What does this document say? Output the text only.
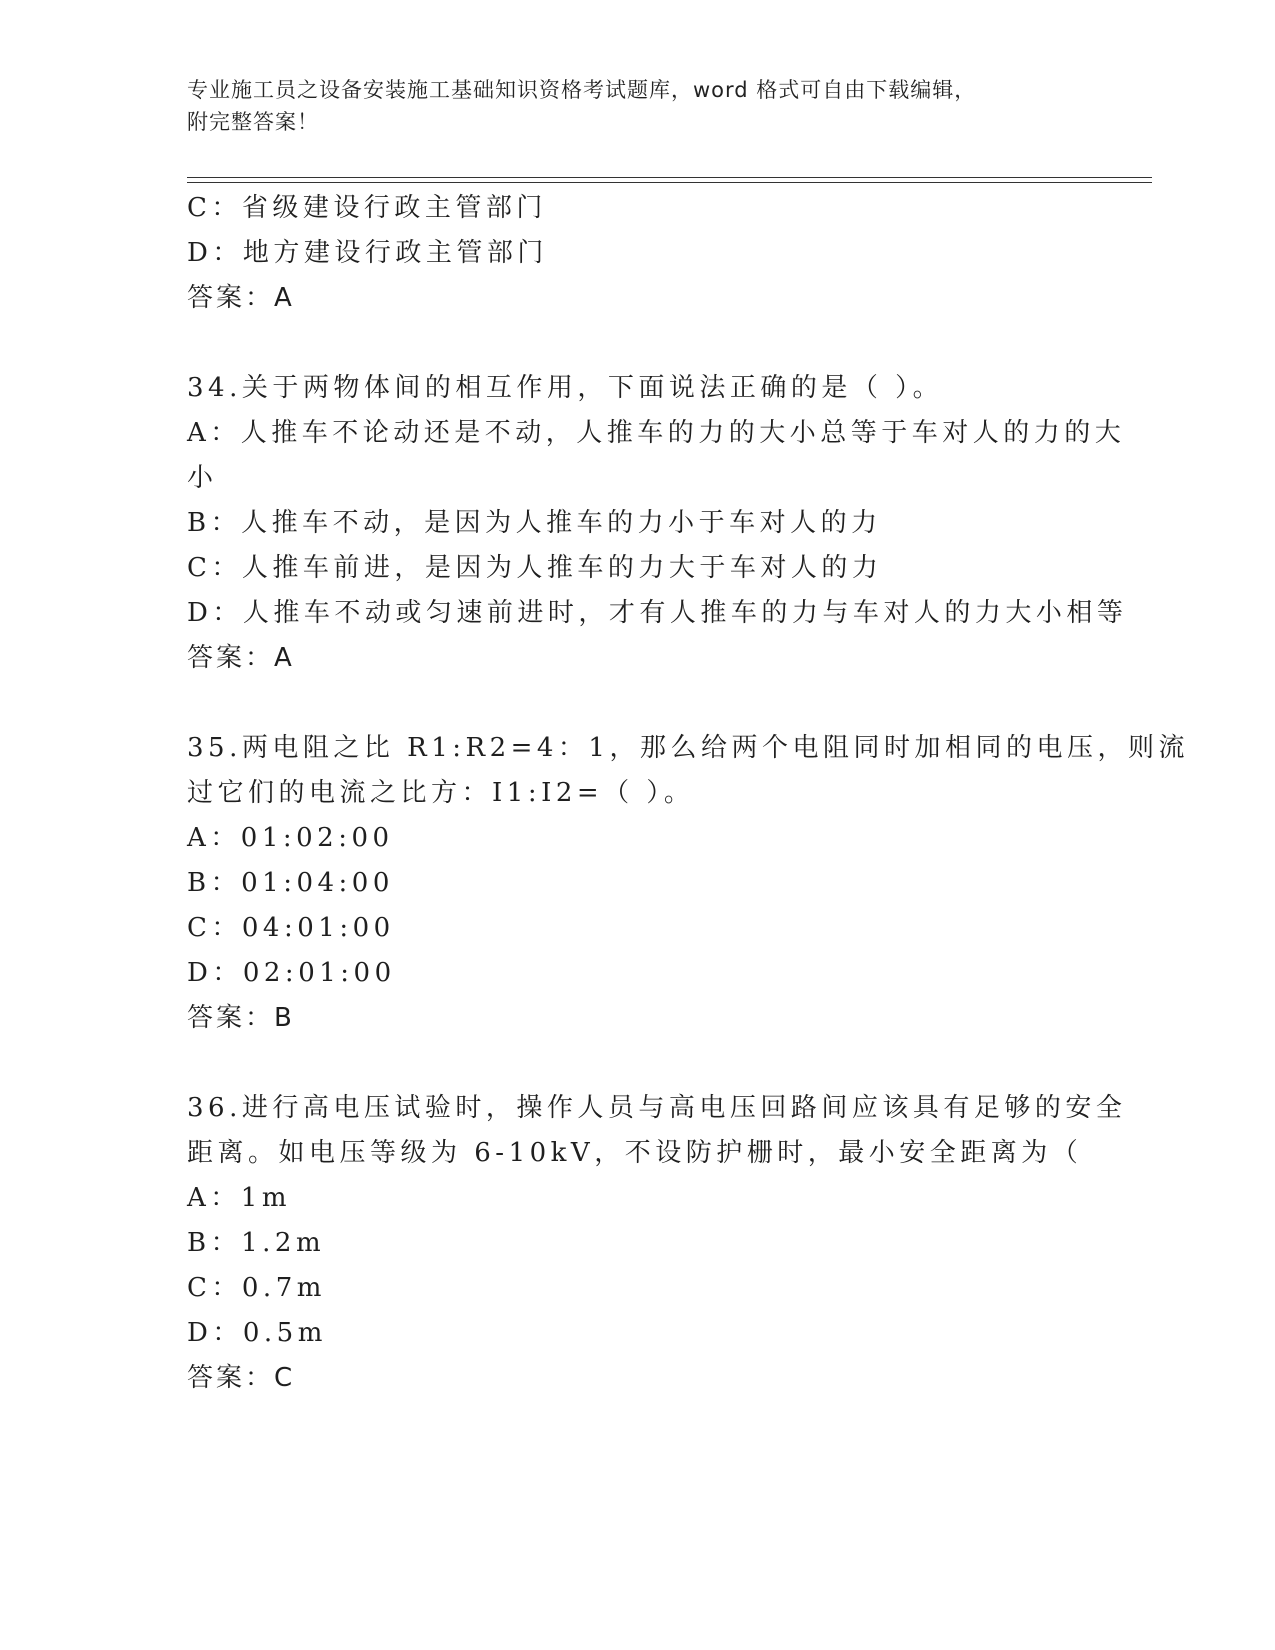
专业施工员之设备安装施工基础知识资格考试题库，word 格式可自由下载编辑，
附完整答案！
C：省级建设行政主管部门
D：地方建设行政主管部门
答案：A
34.关于两物体间的相互作用，下面说法正确的是（ ）。
A：人推车不论动还是不动，人推车的力的大小总等于车对人的力的大
小
B：人推车不动，是因为人推车的力小于车对人的力
C：人推车前进，是因为人推车的力大于车对人的力
D：人推车不动或匀速前进时，才有人推车的力与车对人的力大小相等
答案：A
35.两电阻之比 R1:R2=4：1，那么给两个电阻同时加相同的电压，则流
过它们的电流之比方：I1:I2=（ ）。
A：01:02:00
B：01:04:00
C：04:01:00
D：02:01:00
答案：B
36.进行高电压试验时，操作人员与高电压回路间应该具有足够的安全
距离。如电压等级为 6-10kV，不设防护栅时，最小安全距离为（
A：1m
B：1.2m
C：0.7m
D：0.5m
答案：C
